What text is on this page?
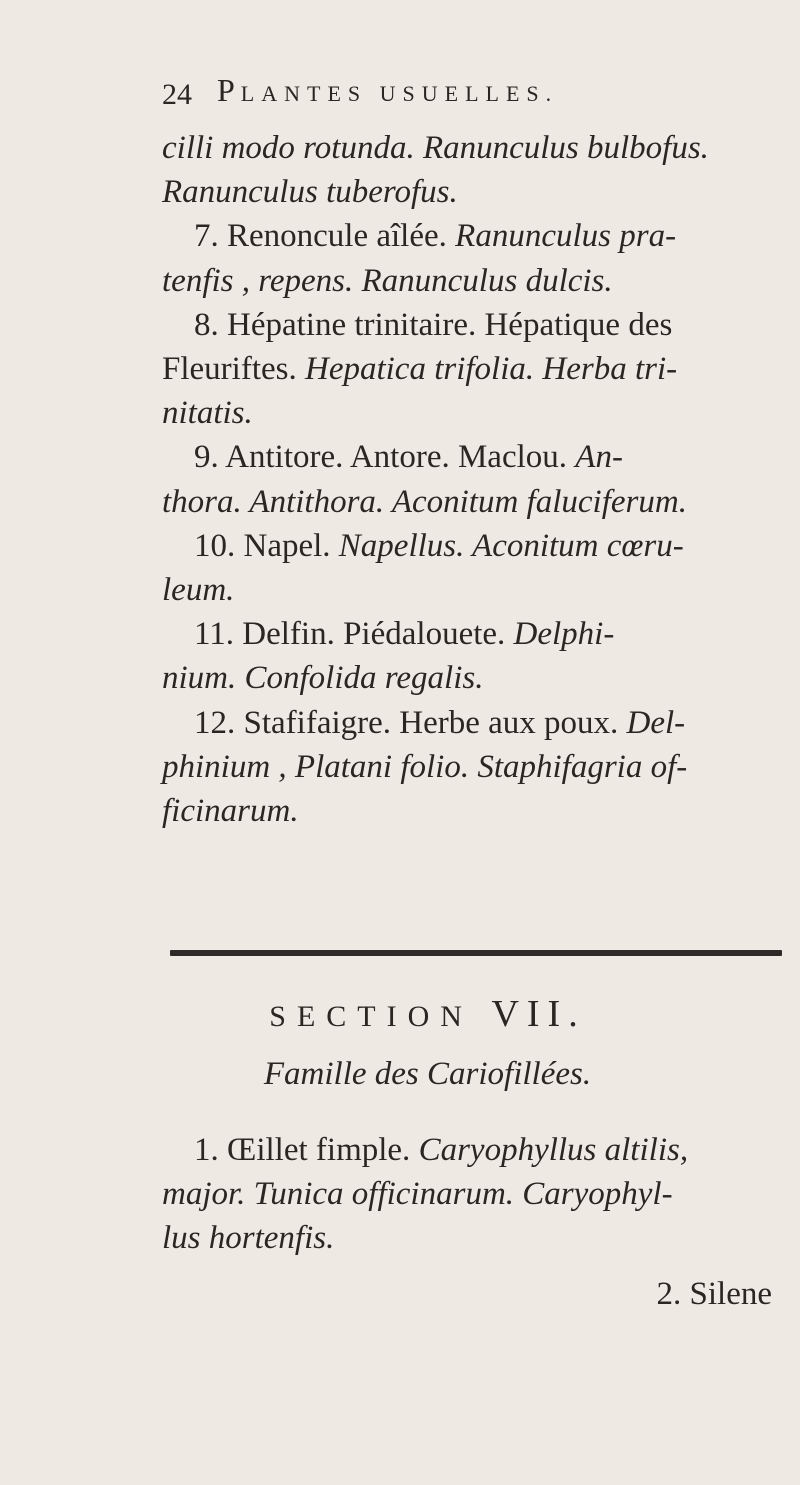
24 PLANTES USUELLES.
cilli modo rotunda. Ranunculus bulbofus.
Ranunculus tuberofus.
7. Renoncule aîlée. Ranunculus pra-
tenfis , repens. Ranunculus dulcis.
8. Hépatine trinitaire. Hépatique des
Fleuriftes. Hepatica trifolia. Herba tri-
nitatis.
9. Antitore. Antore. Maclou. An-
thora. Antithora. Aconitum faluciferum.
10. Napel. Napellus. Aconitum cœru-
leum.
11. Delfin. Piédalouete. Delphi-
nium. Confolida regalis.
12. Stafifaigre. Herbe aux poux. Del-
phinium , Platani folio. Staphifagria of-
ficinarum.
SECTION VII.
Famille des Cariofillées.
1. Œillet fimple. Caryophyllus altilis,
major. Tunica officinarum. Caryophyl-
lus hortenfis.
2. Silene
